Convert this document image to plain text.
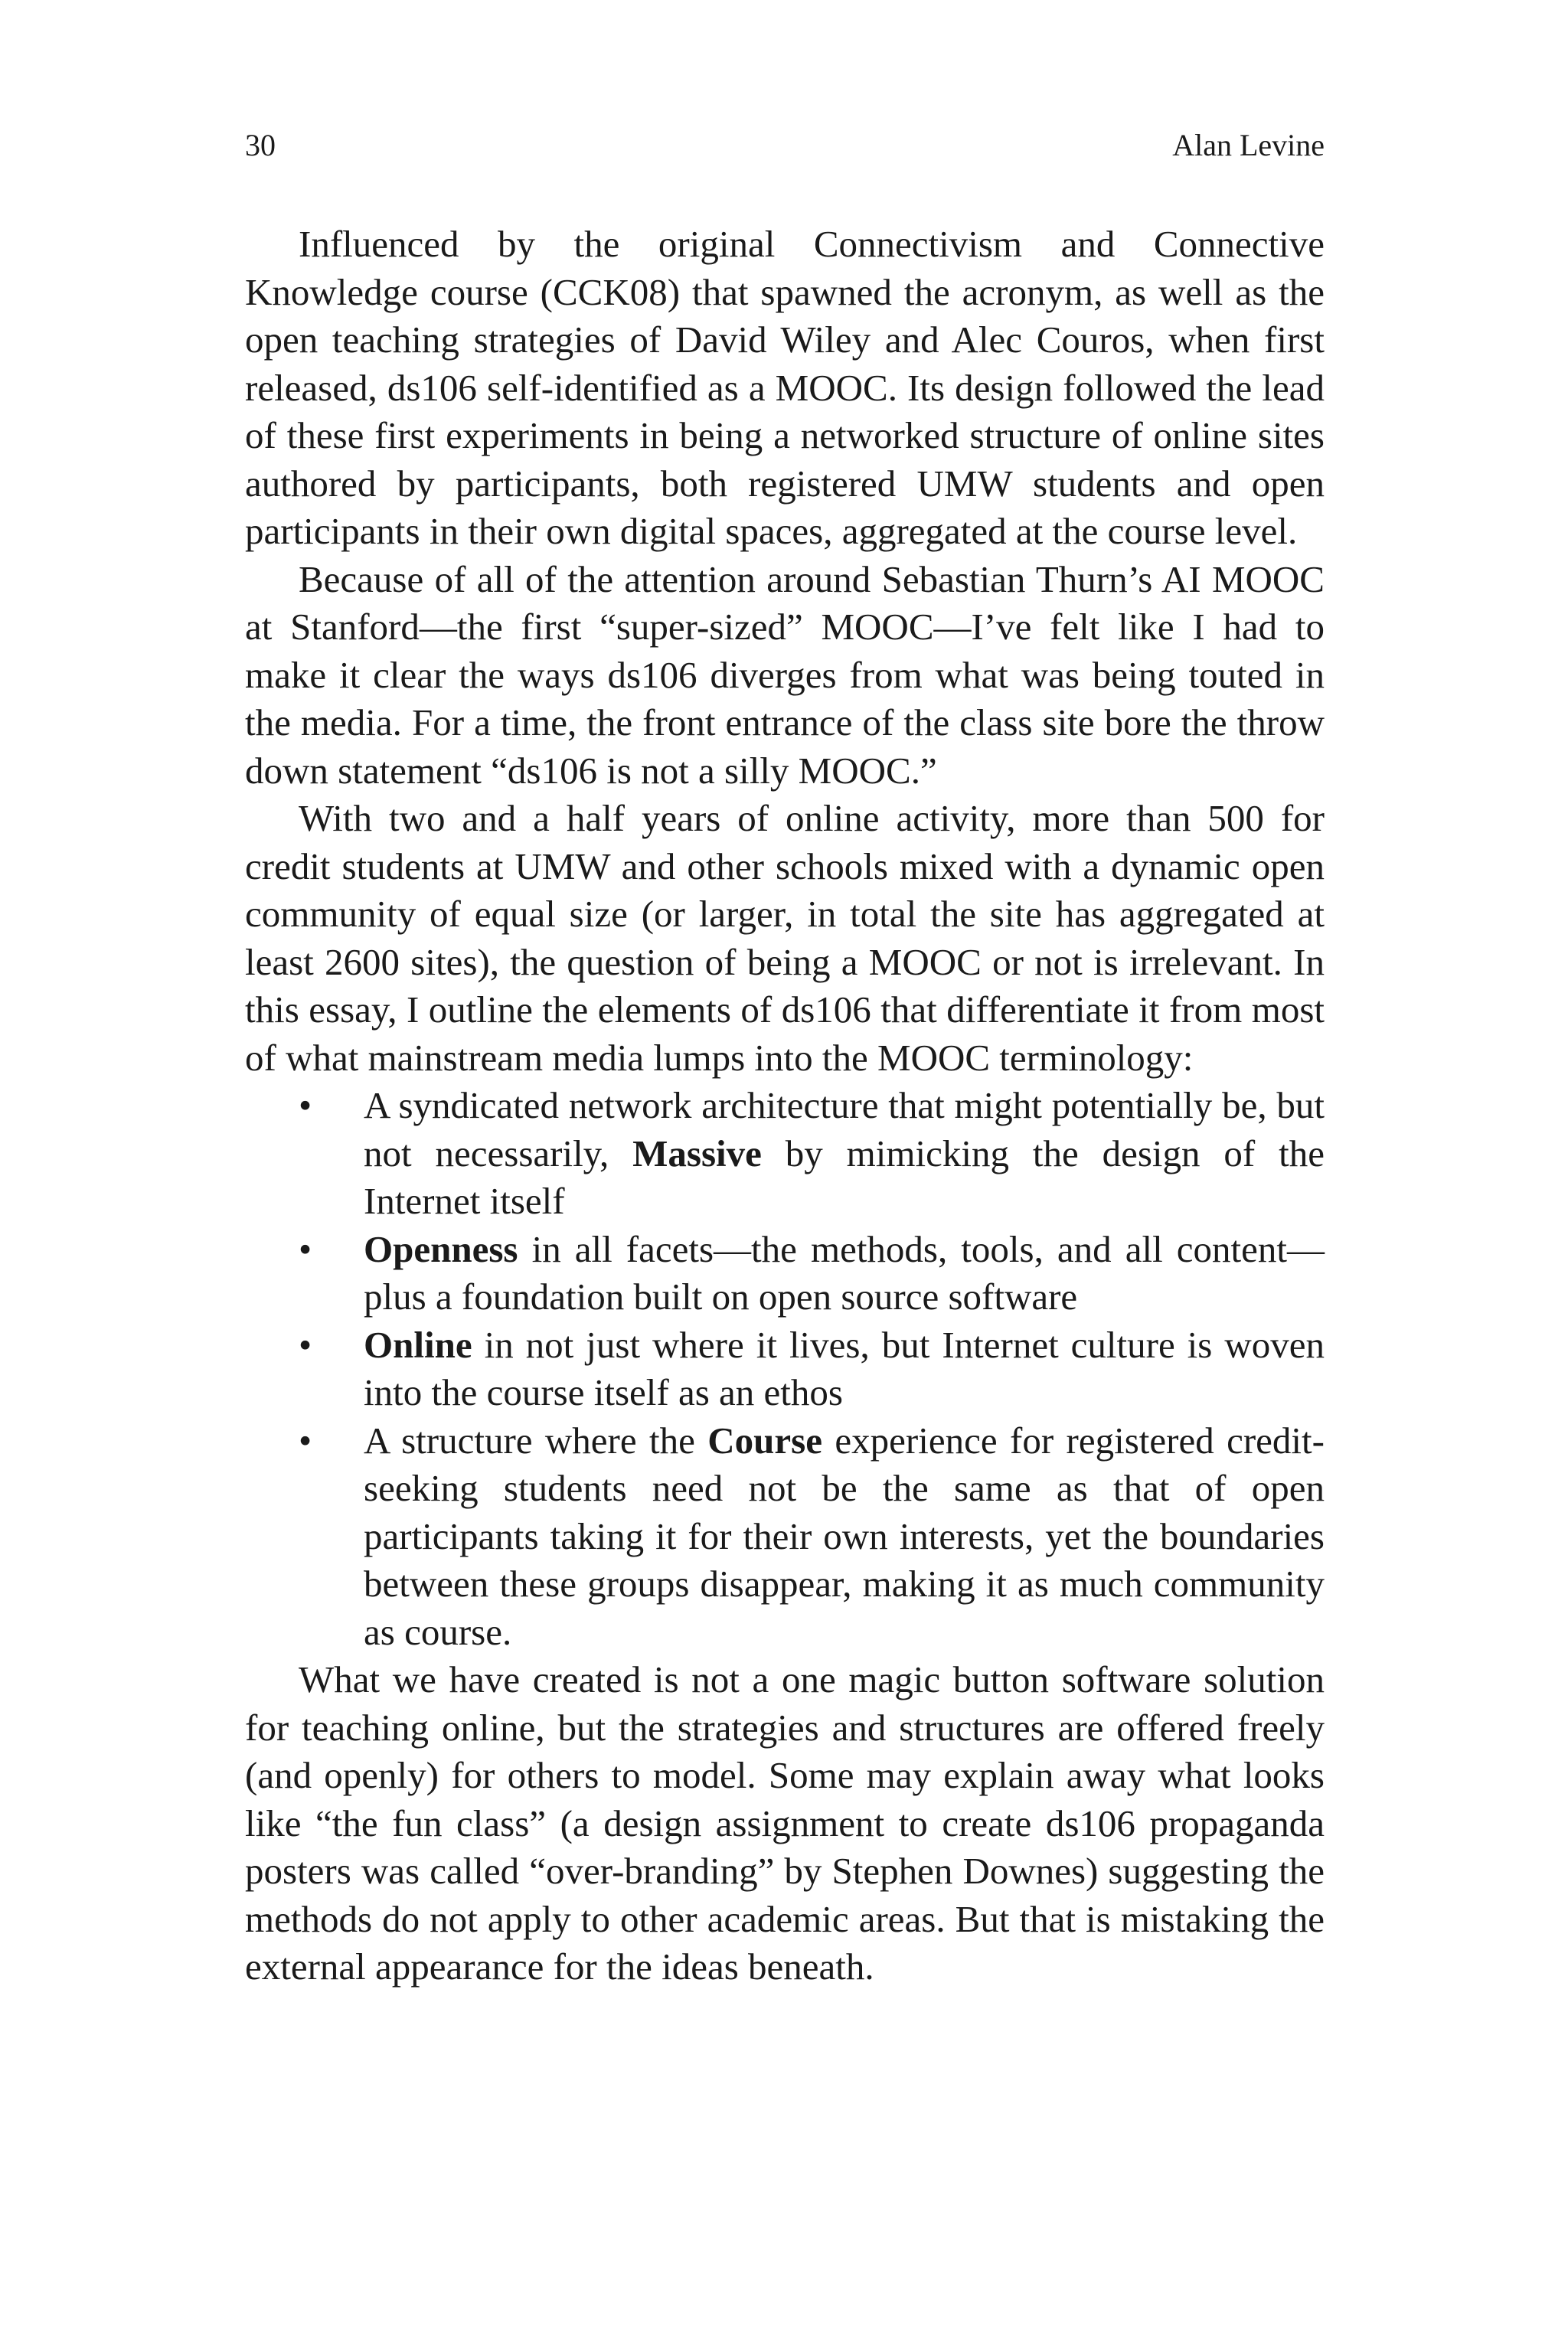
30	Alan Levine

Influenced by the original Connectivism and Connective Knowledge course (CCK08) that spawned the acronym, as well as the open teaching strategies of David Wiley and Alec Couros, when first released, ds106 self-identified as a MOOC. Its design followed the lead of these first experiments in being a networked structure of online sites authored by participants, both registered UMW students and open participants in their own digital spaces, aggregated at the course level.

Because of all of the attention around Sebastian Thurn’s AI MOOC at Stanford—the first “super-sized” MOOC—I’ve felt like I had to make it clear the ways ds106 diverges from what was being touted in the media. For a time, the front entrance of the class site bore the throw down statement “ds106 is not a silly MOOC.”

With two and a half years of online activity, more than 500 for credit students at UMW and other schools mixed with a dynamic open community of equal size (or larger, in total the site has aggregated at least 2600 sites), the question of being a MOOC or not is irrelevant. In this essay, I outline the elements of ds106 that differentiate it from most of what mainstream media lumps into the MOOC terminology:

• A syndicated network architecture that might potentially be, but not necessarily, Massive by mimicking the design of the Internet itself
• Openness in all facets—the methods, tools, and all content—plus a foundation built on open source software
• Online in not just where it lives, but Internet culture is woven into the course itself as an ethos
• A structure where the Course experience for registered credit-seeking students need not be the same as that of open participants taking it for their own interests, yet the boundaries between these groups disappear, making it as much community as course.

What we have created is not a one magic button software solution for teaching online, but the strategies and structures are offered freely (and openly) for others to model. Some may explain away what looks like “the fun class” (a design assignment to create ds106 propaganda posters was called “over-branding” by Stephen Downes) suggesting the methods do not apply to other academic areas. But that is mistaking the external appearance for the ideas beneath.
